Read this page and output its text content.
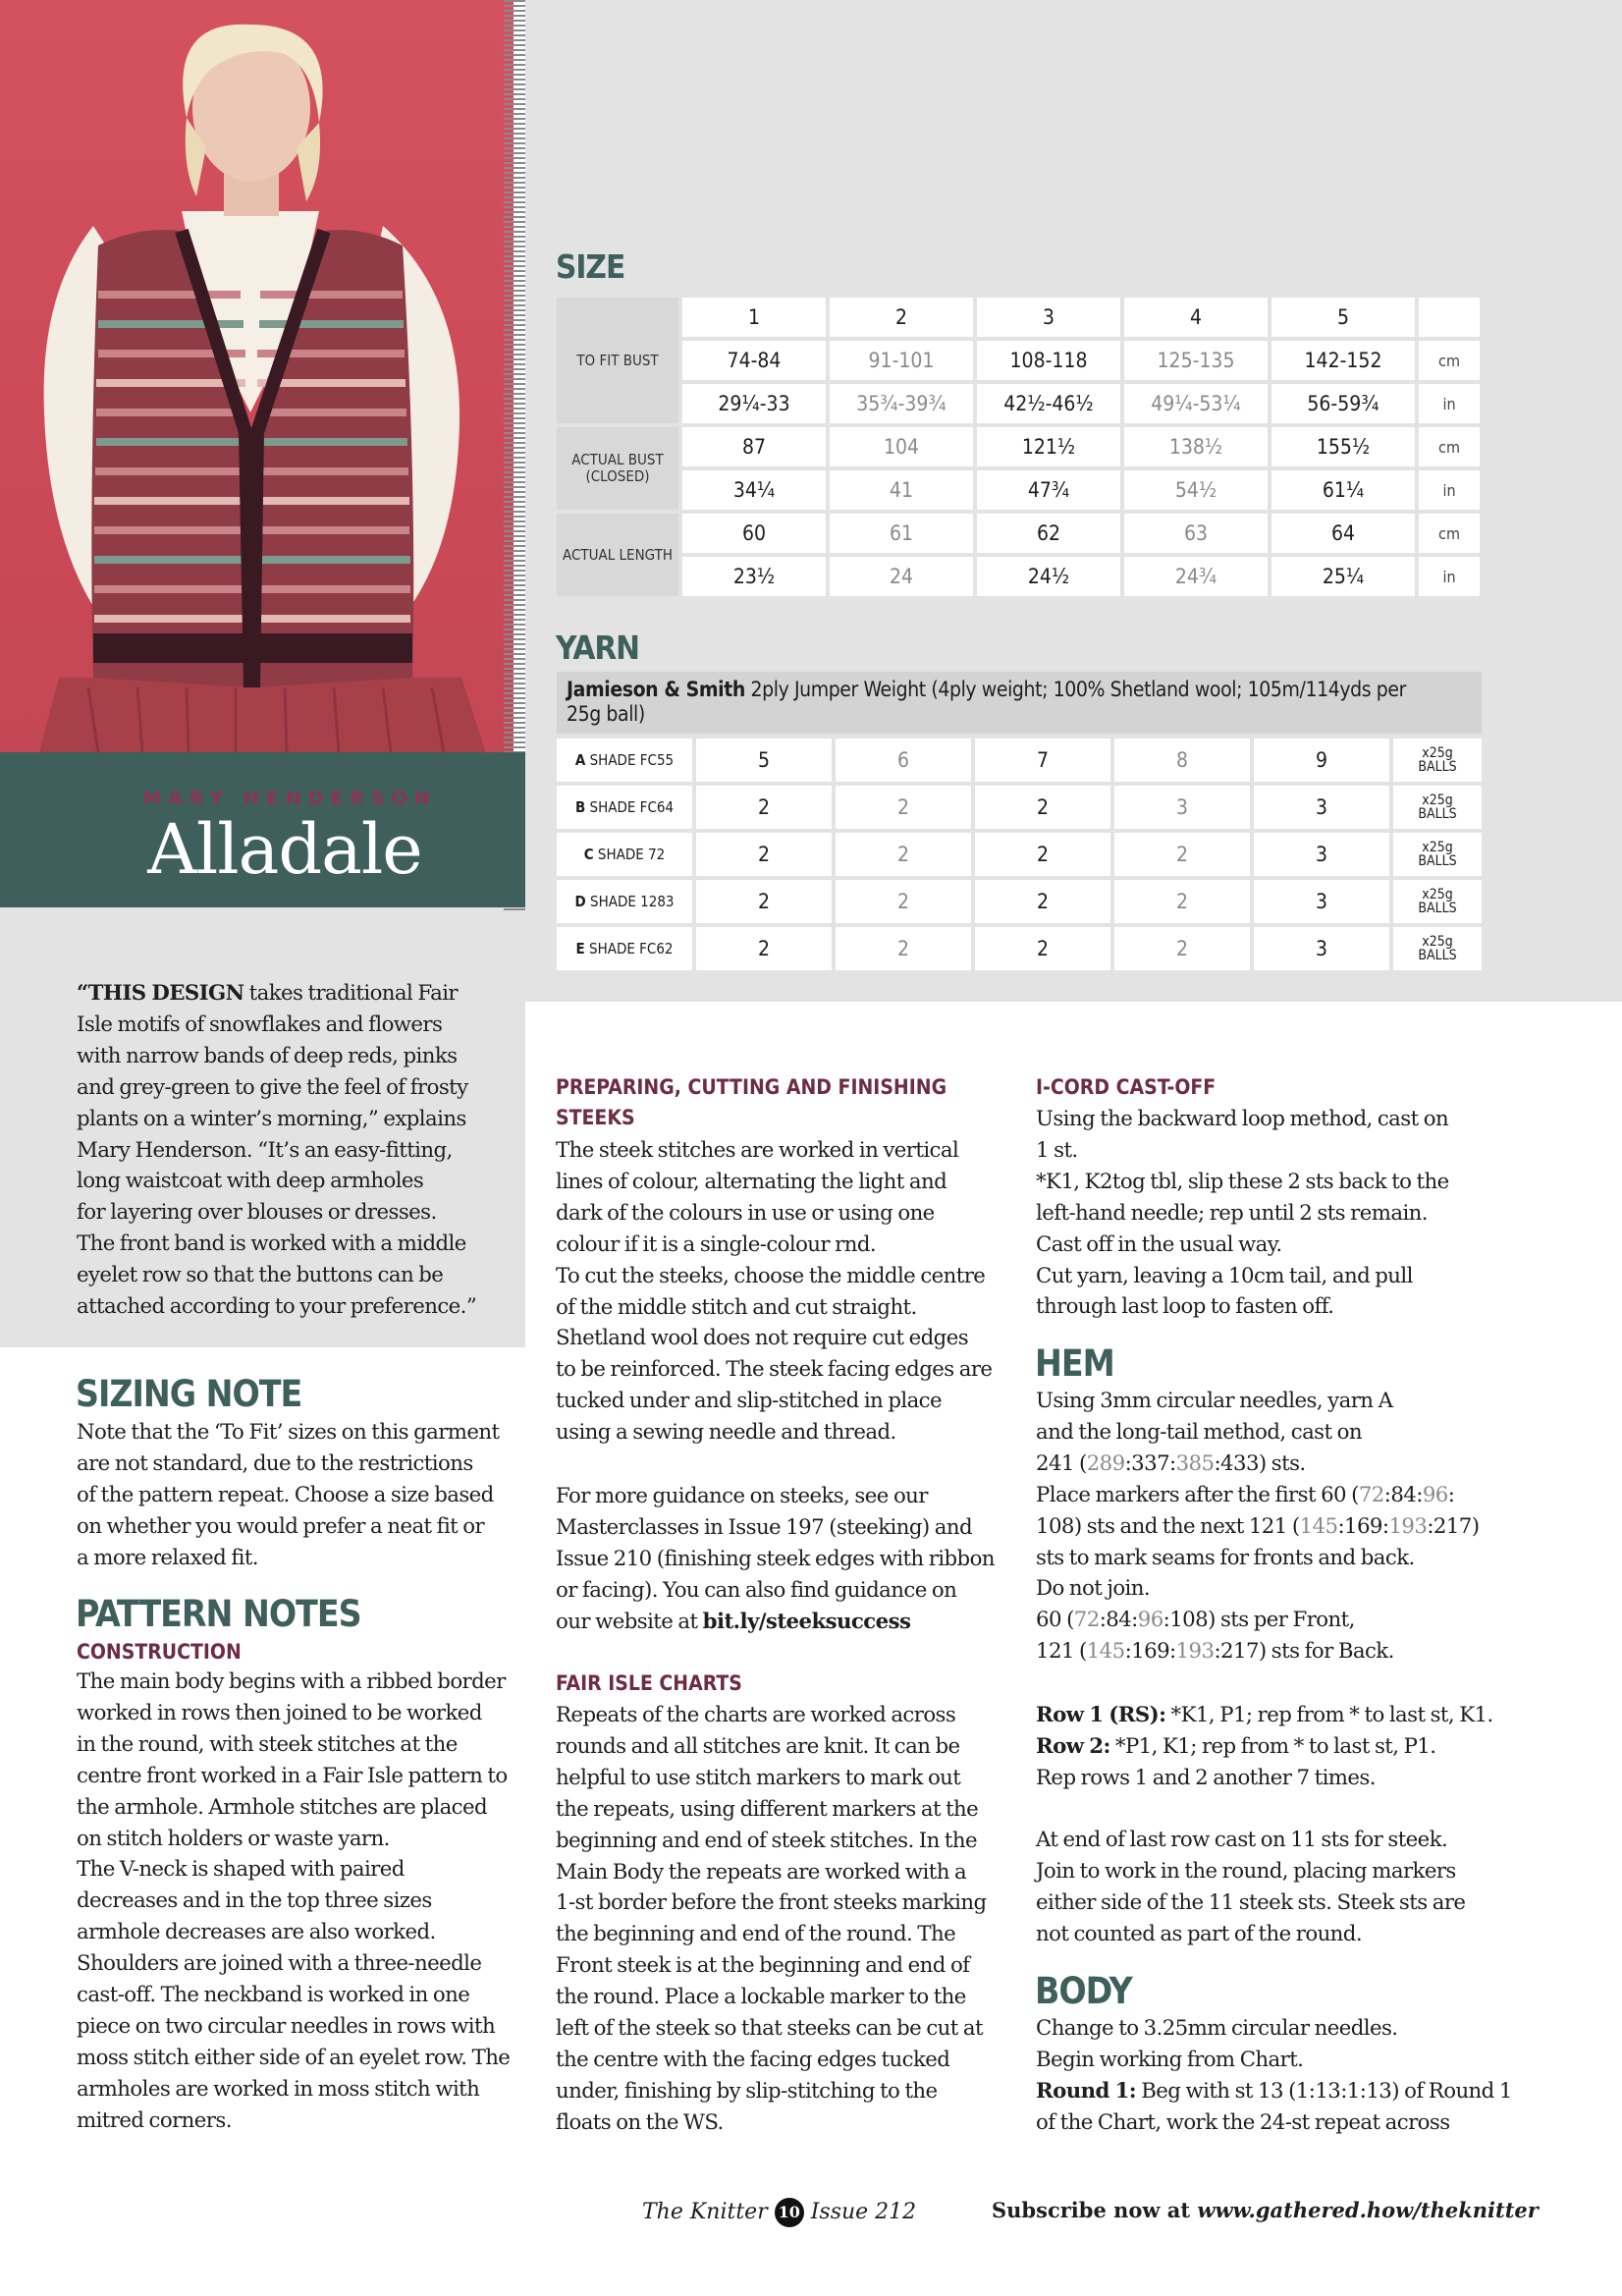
MARY HENDERSON
Alladale
“THIS DESIGN takes traditional Fair
Isle motifs of snowflakes and flowers
with narrow bands of deep reds, pinks
and grey-green to give the feel of frosty
plants on a winter’s morning,” explains
Mary Henderson. “It’s an easy-fitting,
long waistcoat with deep armholes
for layering over blouses or dresses.
The front band is worked with a middle
eyelet row so that the buttons can be
attached according to your preference.”
SIZING NOTE
Note that the ‘To Fit’ sizes on this garment
are not standard, due to the restrictions
of the pattern repeat. Choose a size based
on whether you would prefer a neat fit or
a more relaxed fit.
PATTERN NOTES
CONSTRUCTION
The main body begins with a ribbed border
worked in rows then joined to be worked
in the round, with steek stitches at the
centre front worked in a Fair Isle pattern to
the armhole. Armhole stitches are placed
on stitch holders or waste yarn.
The V-neck is shaped with paired
decreases and in the top three sizes
armhole decreases are also worked.
Shoulders are joined with a three-needle
cast-off. The neckband is worked in one
piece on two circular needles in rows with
moss stitch either side of an eyelet row. The
armholes are worked in moss stitch with
mitred corners.
SIZE
TO FIT BUST	1	2	3	4	5	
	74-84	91-101	108-118	125-135	142-152	cm
	29¼-33	35¾-39¾	42½-46½	49¼-53¼	56-59¾	in
ACTUAL BUST (CLOSED)	87	104	121½	138½	155½	cm
	34¼	41	47¾	54½	61¼	in
ACTUAL LENGTH	60	61	62	63	64	cm
	23½	24	24½	24¾	25¼	in
YARN
Jamieson & Smith 2ply Jumper Weight (4ply weight; 100% Shetland wool; 105m/114yds per
25g ball)
A SHADE FC55	5	6	7	8	9	x25g
BALLS

B SHADE FC64	2	2	2	3	3	x25g
BALLS

C SHADE 72	2	2	2	2	3	x25g
BALLS

D SHADE 1283	2	2	2	2	3	x25g
BALLS

E SHADE FC62	2	2	2	2	3	x25g
BALLS
PREPARING, CUTTING AND FINISHING
STEEKS
The steek stitches are worked in vertical
lines of colour, alternating the light and
dark of the colours in use or using one
colour if it is a single-colour rnd.
To cut the steeks, choose the middle centre
of the middle stitch and cut straight.
Shetland wool does not require cut edges
to be reinforced. The steek facing edges are
tucked under and slip-stitched in place
using a sewing needle and thread.
For more guidance on steeks, see our
Masterclasses in Issue 197 (steeking) and
Issue 210 (finishing steek edges with ribbon
or facing). You can also find guidance on
our website at bit.ly/steeksuccess
FAIR ISLE CHARTS
Repeats of the charts are worked across
rounds and all stitches are knit. It can be
helpful to use stitch markers to mark out
the repeats, using different markers at the
beginning and end of steek stitches. In the
Main Body the repeats are worked with a
1-st border before the front steeks marking
the beginning and end of the round. The
Front steek is at the beginning and end of
the round. Place a lockable marker to the
left of the steek so that steeks can be cut at
the centre with the facing edges tucked
under, finishing by slip-stitching to the
floats on the WS.
I-CORD CAST-OFF
Using the backward loop method, cast on
1 st.
*K1, K2tog tbl, slip these 2 sts back to the
left-hand needle; rep until 2 sts remain.
Cast off in the usual way.
Cut yarn, leaving a 10cm tail, and pull
through last loop to fasten off.
HEM
Using 3mm circular needles, yarn A
and the long-tail method, cast on
241 (289:337:385:433) sts.
Place markers after the first 60 (72:84:96:
108) sts and the next 121 (145:169:193:217)
sts to mark seams for fronts and back.
Do not join.
60 (72:84:96:108) sts per Front,
121 (145:169:193:217) sts for Back.
Row 1 (RS): *K1, P1; rep from * to last st, K1.
Row 2: *P1, K1; rep from * to last st, P1.
Rep rows 1 and 2 another 7 times.
At end of last row cast on 11 sts for steek.
Join to work in the round, placing markers
either side of the 11 steek sts. Steek sts are
not counted as part of the round.
BODY
Change to 3.25mm circular needles.
Begin working from Chart.
Round 1: Beg with st 13 (1:13:1:13) of Round 1
of the Chart, work the 24-st repeat across
The Knitter 10 Issue 212	Subscribe now at www.gathered.how/theknitter
